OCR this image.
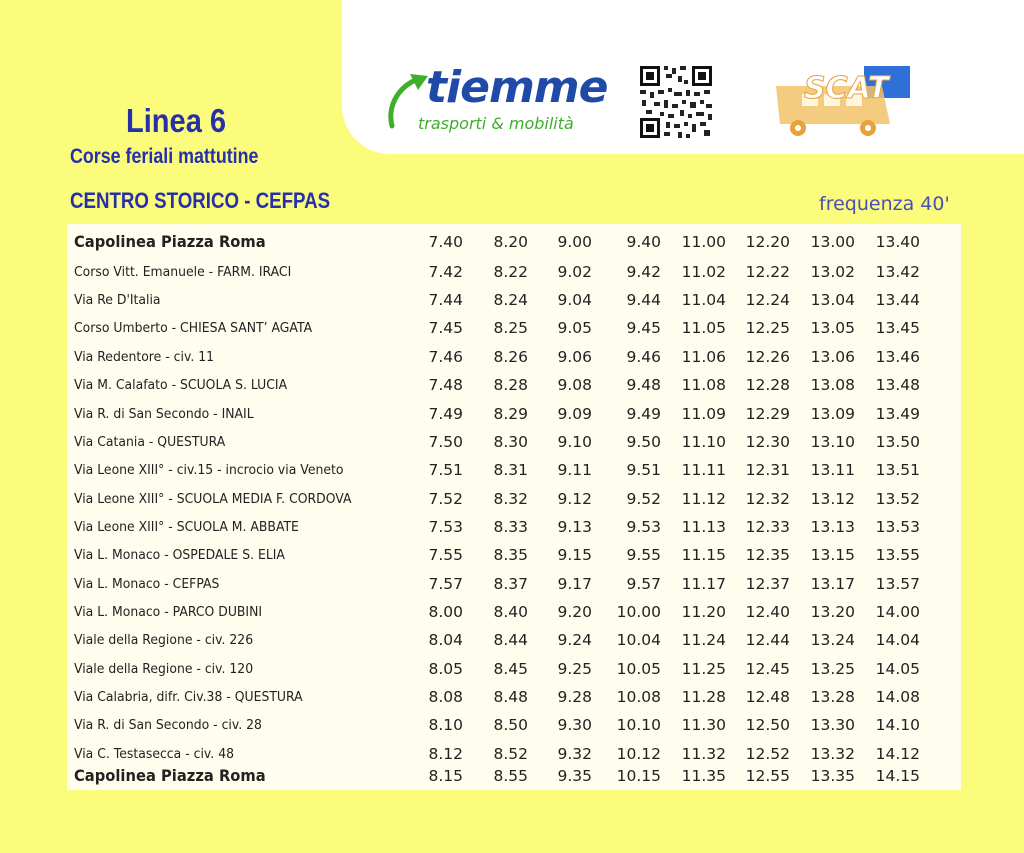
tiemme
trasporti & mobilità
SCAT
Linea 6
Corse feriali mattutine
CENTRO STORICO - CEFPAS	frequenza 40'
Capolinea Piazza Roma	7.40	8.20	9.00	9.40	11.00	12.20	13.00	13.40
Corso Vitt. Emanuele - FARM. IRACI	7.42	8.22	9.02	9.42	11.02	12.22	13.02	13.42
Via Re D'Italia	7.44	8.24	9.04	9.44	11.04	12.24	13.04	13.44
Corso Umberto - CHIESA SANT’ AGATA	7.45	8.25	9.05	9.45	11.05	12.25	13.05	13.45
Via Redentore - civ. 11	7.46	8.26	9.06	9.46	11.06	12.26	13.06	13.46
Via M. Calafato - SCUOLA S. LUCIA	7.48	8.28	9.08	9.48	11.08	12.28	13.08	13.48
Via R. di San Secondo - INAIL	7.49	8.29	9.09	9.49	11.09	12.29	13.09	13.49
Via Catania - QUESTURA	7.50	8.30	9.10	9.50	11.10	12.30	13.10	13.50
Via Leone XIII° - civ.15 - incrocio via Veneto	7.51	8.31	9.11	9.51	11.11	12.31	13.11	13.51
Via Leone XIII° - SCUOLA MEDIA F. CORDOVA	7.52	8.32	9.12	9.52	11.12	12.32	13.12	13.52
Via Leone XIII° - SCUOLA M. ABBATE	7.53	8.33	9.13	9.53	11.13	12.33	13.13	13.53
Via L. Monaco - OSPEDALE S. ELIA	7.55	8.35	9.15	9.55	11.15	12.35	13.15	13.55
Via L. Monaco - CEFPAS	7.57	8.37	9.17	9.57	11.17	12.37	13.17	13.57
Via L. Monaco - PARCO DUBINI	8.00	8.40	9.20	10.00	11.20	12.40	13.20	14.00
Viale della Regione - civ. 226	8.04	8.44	9.24	10.04	11.24	12.44	13.24	14.04
Viale della Regione - civ. 120	8.05	8.45	9.25	10.05	11.25	12.45	13.25	14.05
Via Calabria, difr. Civ.38 - QUESTURA	8.08	8.48	9.28	10.08	11.28	12.48	13.28	14.08
Via R. di San Secondo - civ. 28	8.10	8.50	9.30	10.10	11.30	12.50	13.30	14.10
Via C. Testasecca - civ. 48	8.12	8.52	9.32	10.12	11.32	12.52	13.32	14.12
Capolinea Piazza Roma	8.15	8.55	9.35	10.15	11.35	12.55	13.35	14.15
